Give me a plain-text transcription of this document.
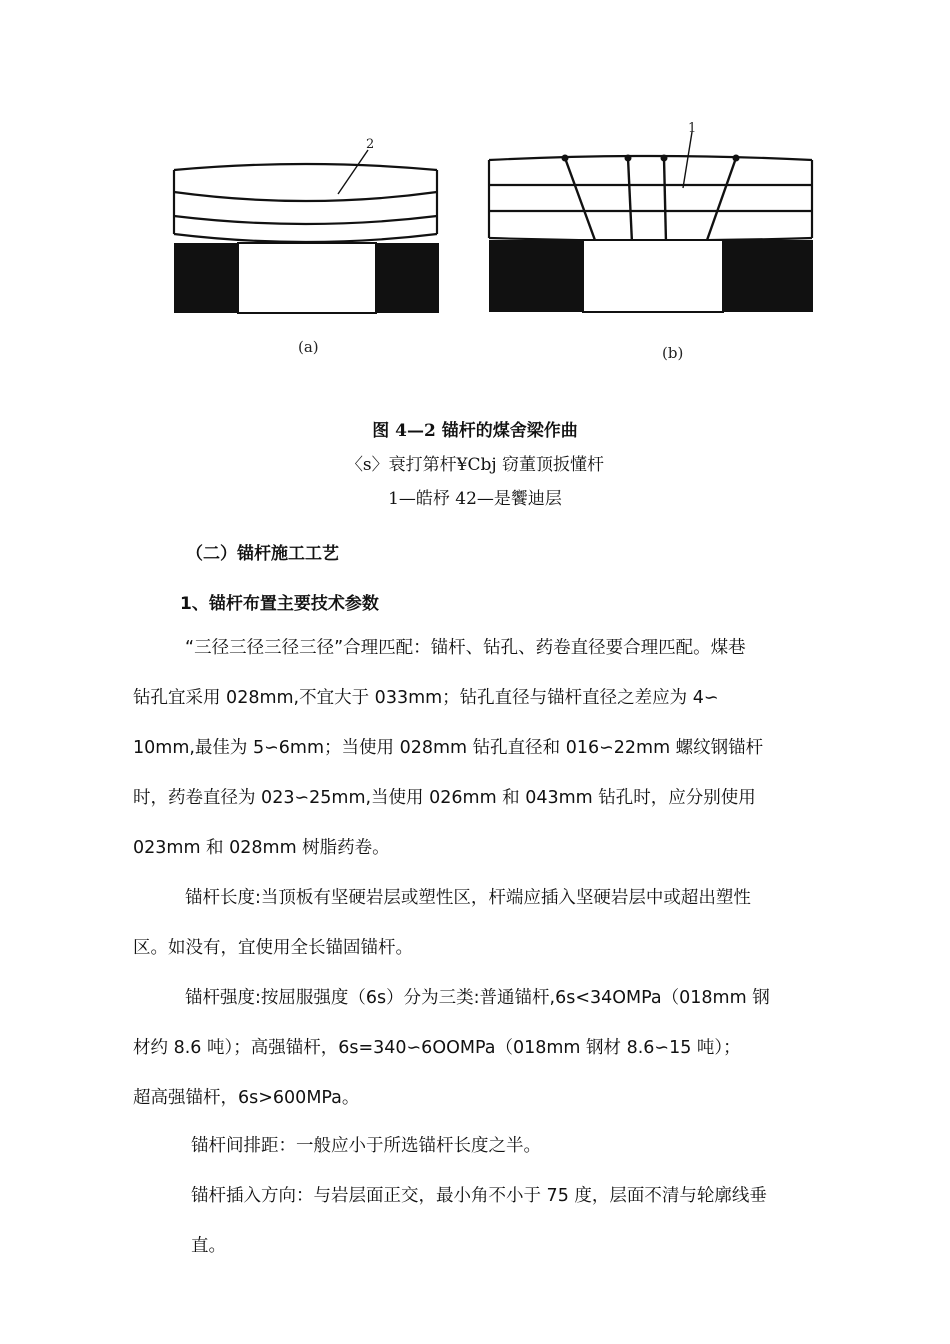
2
1
(a)	(b)
图 4—2 锚杆的煤舍梁作曲
〈s〉衰打第杆¥Cbj 窃董顶扳懂杆
1—皓杼 42—是饗迪层
（二）锚杆施工工艺
1、锚杆布置主要技术参数
“三径三径三径三径”合理匹配：锚杆、钻孔、药卷直径要合理匹配。煤巷
钻孔宜采用 028mm,不宜大于 033mm；钻孔直径与锚杆直径之差应为 4∽
10mm,最佳为 5∽6mm；当使用 028mm 钻孔直径和 016∽22mm 螺纹钢锚杆
时，药卷直径为 023∽25mm,当使用 026mm 和 043mm 钻孔时，应分别使用
023mm 和 028mm 树脂药卷。
锚杆长度:当顶板有坚硬岩层或塑性区，杆端应插入坚硬岩层中或超出塑性
区。如没有，宜使用全长锚固锚杆。
锚杆强度:按屈服强度（6s）分为三类:普通锚杆,6s<34OMPa（018mm 钢
材约 8.6 吨）；高强锚杆，6s=340∽6OOMPa（018mm 钢材 8.6∽15 吨）；
超高强锚杆，6s>600MPa。
锚杆间排距：一般应小于所选锚杆长度之半。
锚杆插入方向：与岩层面正交，最小角不小于 75 度，层面不清与轮廓线垂
直。
